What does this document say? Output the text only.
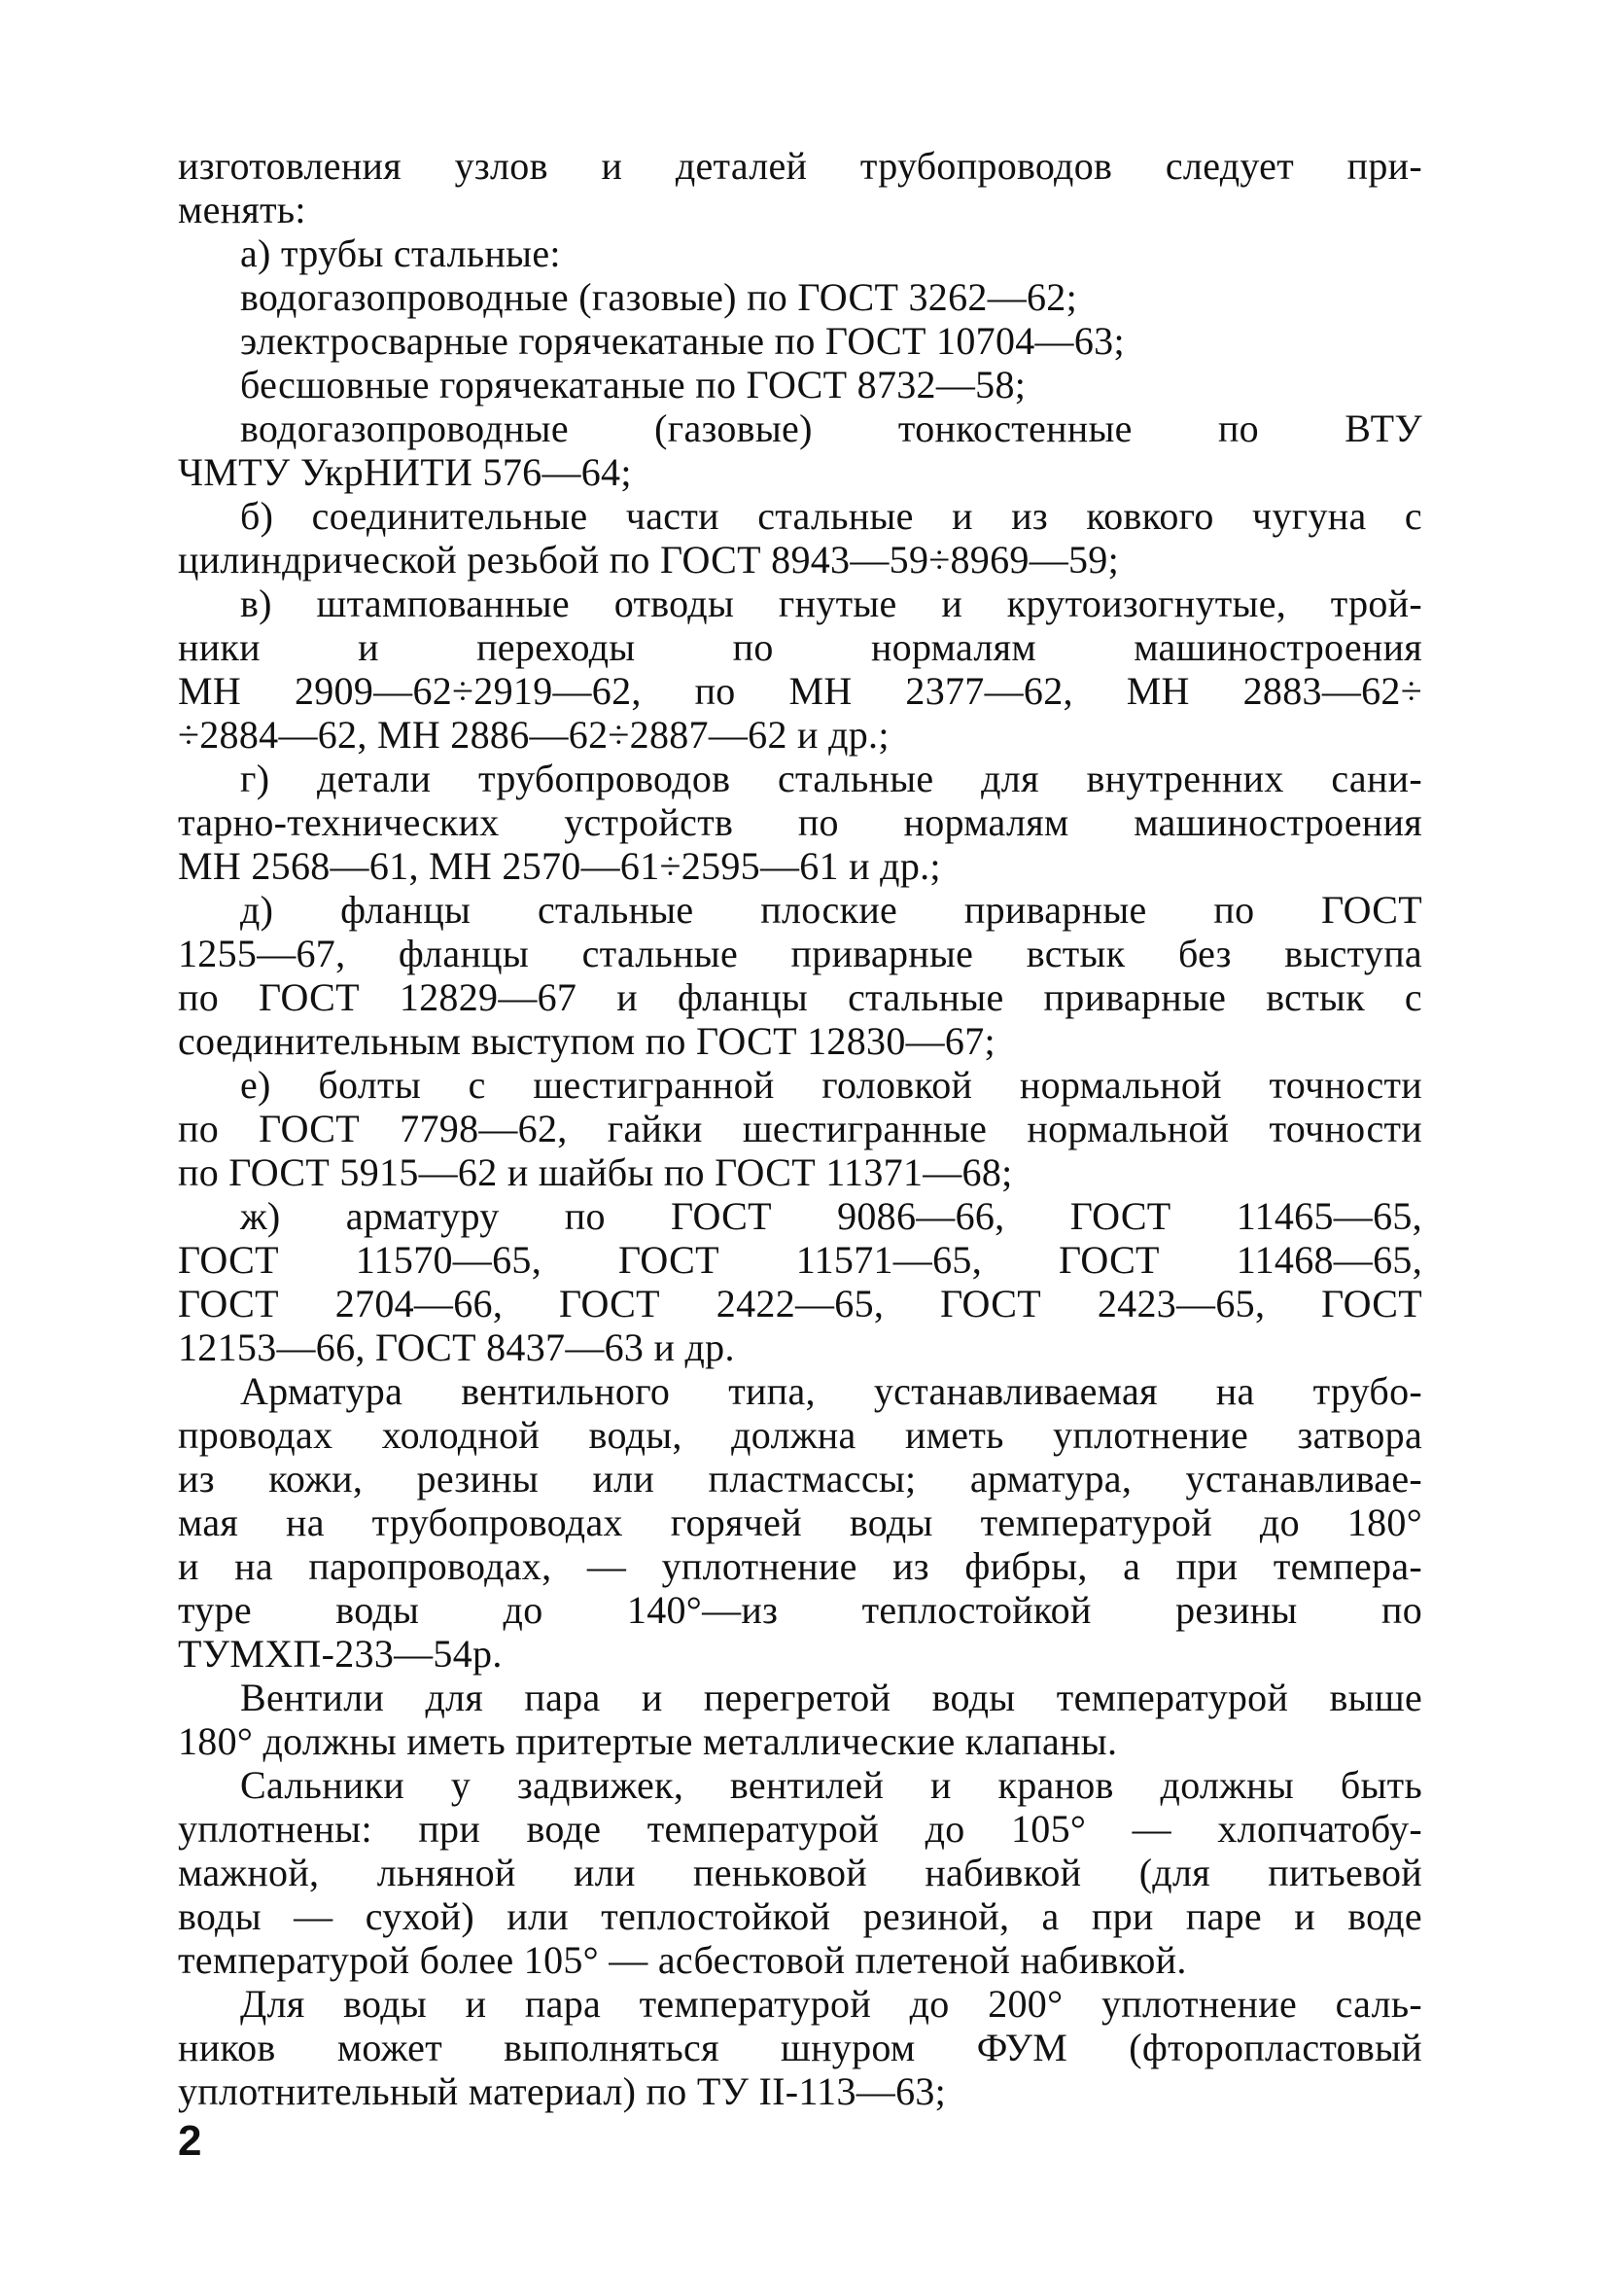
изготовления узлов и деталей трубопроводов следует при-
менять:
а) трубы стальные:
водогазопроводные (газовые) по ГОСТ 3262—62;
электросварные горячекатаные по ГОСТ 10704—63;
бесшовные горячекатаные по ГОСТ 8732—58;
водогазопроводные (газовые) тонкостенные по ВТУ
ЧМТУ УкрНИТИ 576—64;
б) соединительные части стальные и из ковкого чугуна с
цилиндрической резьбой по ГОСТ 8943—59÷8969—59;
в) штампованные отводы гнутые и крутоизогнутые, трой-
ники и переходы по нормалям машиностроения
МН 2909—62÷2919—62, по МН 2377—62, МН 2883—62÷
÷2884—62, МН 2886—62÷2887—62 и др.;
г) детали трубопроводов стальные для внутренних сани-
тарно-технических устройств по нормалям машиностроения
МН 2568—61, МН 2570—61÷2595—61 и др.;
д) фланцы стальные плоские приварные по ГОСТ
1255—67, фланцы стальные приварные встык без выступа
по ГОСТ 12829—67 и фланцы стальные приварные встык с
соединительным выступом по ГОСТ 12830—67;
е) болты с шестигранной головкой нормальной точности
по ГОСТ 7798—62, гайки шестигранные нормальной точности
по ГОСТ 5915—62 и шайбы по ГОСТ 11371—68;
ж) арматуру по ГОСТ 9086—66, ГОСТ 11465—65,
ГОСТ 11570—65, ГОСТ 11571—65, ГОСТ 11468—65,
ГОСТ 2704—66, ГОСТ 2422—65, ГОСТ 2423—65, ГОСТ
12153—66, ГОСТ 8437—63 и др.
Арматура вентильного типа, устанавливаемая на трубо-
проводах холодной воды, должна иметь уплотнение затвора
из кожи, резины или пластмассы; арматура, устанавливае-
мая на трубопроводах горячей воды температурой до 180°
и на паропроводах, — уплотнение из фибры, а при темпера-
туре воды до 140°—из теплостойкой резины по
ТУМХП-233—54р.
Вентили для пара и перегретой воды температурой выше
180° должны иметь притертые металлические клапаны.
Сальники у задвижек, вентилей и кранов должны быть
уплотнены: при воде температурой до 105° — хлопчатобу-
мажной, льняной или пеньковой набивкой (для питьевой
воды — сухой) или теплостойкой резиной, а при паре и воде
температурой более 105° — асбестовой плетеной набивкой.
Для воды и пара температурой до 200° уплотнение саль-
ников может выполняться шнуром ФУМ (фторопластовый
уплотнительный материал) по ТУ II-113—63;
2
